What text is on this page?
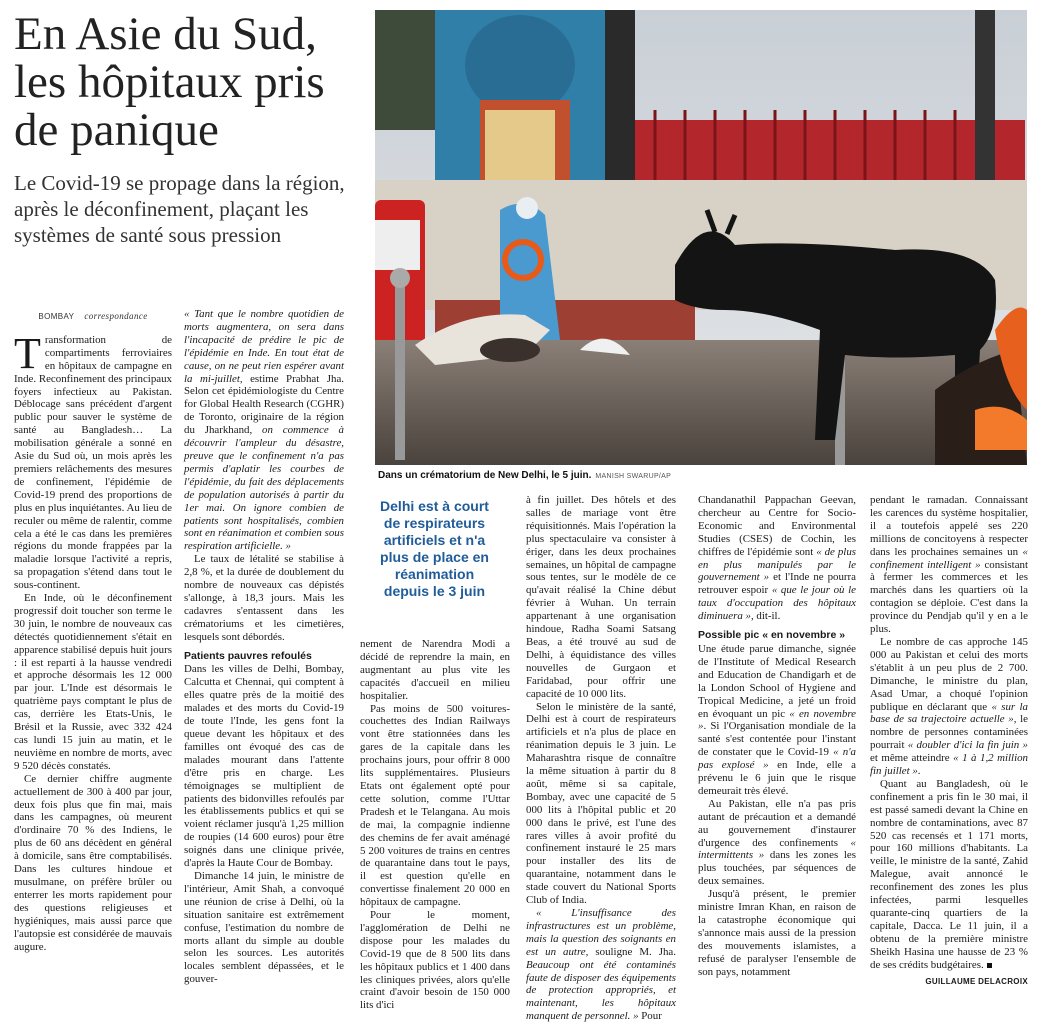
En Asie du Sud, les hôpitaux pris de panique

Le Covid-19 se propage dans la région, après le déconfinement, plaçant les systèmes de santé sous pression

Dans un crématorium de New Delhi, le 5 juin. MANISH SWARUP/AP
Delhi est à court de respirateurs artificiels et n'a plus de place en réanimation depuis le 3 juin
BOMBAY correspondance

Transformation de compartiments ferroviaires en hôpitaux de campagne en Inde. Reconfinement des principaux foyers infectieux au Pakistan. Déblocage sans précédent d'argent public pour sauver le système de santé au Bangladesh… La mobilisation générale a sonné en Asie du Sud où, un mois après les premiers relâchements des mesures de confinement, l'épidémie de Covid-19 prend des proportions de plus en plus inquiétantes. Au lieu de reculer ou même de ralentir, comme cela a été le cas dans les premières régions du monde frappées par la maladie lorsque l'activité a repris, sa propagation s'étend dans tout le sous-continent.

En Inde, où le déconfinement progressif doit toucher son terme le 30 juin, le nombre de nouveaux cas détectés quotidiennement s'était en apparence stabilisé depuis huit jours : il est reparti à la hausse vendredi et approche désormais les 12 000 par jour. L'Inde est désormais le quatrième pays comptant le plus de cas, derrière les Etats-Unis, le Brésil et la Russie, avec 332 424 cas lundi 15 juin au matin, et le neuvième en nombre de morts, avec 9 520 décès constatés.

Ce dernier chiffre augmente actuellement de 300 à 400 par jour, deux fois plus que fin mai, mais dans les campagnes, où meurent d'ordinaire 70 % des Indiens, le plus de 60 ans décèdent en général à domicile, sans être comptabilisés. Dans les cultures hindoue et musulmane, on préfère brûler ou enterrer les morts rapidement pour des questions religieuses et hygiéniques, mais aussi parce que l'autopsie est considérée de mauvais augure.

« Tant que le nombre quotidien de morts augmentera, on sera dans l'incapacité de prédire le pic de l'épidémie en Inde. En tout état de cause, on ne peut rien espérer avant la mi-juillet, estime Prabhat Jha. Selon cet épidémiologiste du Centre for Global Health Research (CGHR) de Toronto, originaire de la région du Jharkhand, on commence à découvrir l'ampleur du désastre, preuve que le confinement n'a pas permis d'aplatir les courbes de l'épidémie, du fait des déplacements de population autorisés à partir du 1er mai. On ignore combien de patients sont hospitalisés, combien sont en réanimation et combien sous respiration artificielle. »

Le taux de létalité se stabilise à 2,8 %, et la durée de doublement du nombre de nouveaux cas dépistés s'allonge, à 18,3 jours. Mais les cadavres s'entassent dans les crématoriums et les cimetières, lesquels sont débordés.

Patients pauvres refoulés

Dans les villes de Delhi, Bombay, Calcutta et Chennai, qui comptent à elles quatre près de la moitié des malades et des morts du Covid-19 de toute l'Inde, les gens font la queue devant les hôpitaux et des familles ont évoqué des cas de malades mourant dans l'attente d'être pris en charge. Les témoignages se multiplient de patients des bidonvilles refoulés par les établissements publics et qui se voient réclamer jusqu'à 1,25 million de roupies (14 600 euros) pour être soignés dans une clinique privée, d'après la Haute Cour de Bombay.

Dimanche 14 juin, le ministre de l'intérieur, Amit Shah, a convoqué une réunion de crise à Delhi, où la situation sanitaire est extrêmement confuse, l'estimation du nombre de morts allant du simple au double selon les sources. Les autorités locales semblent dépassées, et le gouver-

nement de Narendra Modi a décidé de reprendre la main, en augmentant au plus vite les capacités d'accueil en milieu hospitalier.

Pas moins de 500 voitures-couchettes des Indian Railways vont être stationnées dans les gares de la capitale dans les prochains jours, pour offrir 8 000 lits supplémentaires. Plusieurs Etats ont également opté pour cette solution, comme l'Uttar Pradesh et le Telangana. Au mois de mai, la compagnie indienne des chemins de fer avait aménagé 5 200 voitures de trains en centres de quarantaine dans tout le pays, il est question qu'elle en convertisse finalement 20 000 en hôpitaux de campagne.

Pour le moment, l'agglomération de Delhi ne dispose pour les malades du Covid-19 que de 8 500 lits dans les hôpitaux publics et 1 400 dans les cliniques privées, alors qu'elle craint d'avoir besoin de 150 000 lits d'ici

à fin juillet. Des hôtels et des salles de mariage vont être réquisitionnés. Mais l'opération la plus spectaculaire va consister à ériger, dans les deux prochaines semaines, un hôpital de campagne sous tentes, sur le modèle de ce qu'avait réalisé la Chine début février à Wuhan. Un terrain appartenant à une organisation hindoue, Radha Soami Satsang Beas, a été trouvé au sud de Delhi, à équidistance des villes nouvelles de Gurgaon et Faridabad, pour offrir une capacité de 10 000 lits.

Selon le ministère de la santé, Delhi est à court de respirateurs artificiels et n'a plus de place en réanimation depuis le 3 juin. Le Maharashtra risque de connaître la même situation à partir du 8 août, même si sa capitale, Bombay, avec une capacité de 5 000 lits à l'hôpital public et 20 000 dans le privé, est l'une des rares villes à avoir profité du confinement instauré le 25 mars pour installer des lits de quarantaine, notamment dans le stade couvert du National Sports Club of India.

« L'insuffisance des infrastructures est un problème, mais la question des soignants en est un autre, souligne M. Jha. Beaucoup ont été contaminés faute de disposer des équipements de protection appropriés, et maintenant, les hôpitaux manquent de personnel. » Pour

Chandanathil Pappachan Geevan, chercheur au Centre for Socio-Economic and Environmental Studies (CSES) de Cochin, les chiffres de l'épidémie sont « de plus en plus manipulés par le gouvernement » et l'Inde ne pourra retrouver espoir « que le jour où le taux d'occupation des hôpitaux diminuera », dit-il.

Possible pic « en novembre »

Une étude parue dimanche, signée de l'Institute of Medical Research and Education de Chandigarh et de la London School of Hygiene and Tropical Medicine, a jeté un froid en évoquant un pic « en novembre ». Si l'Organisation mondiale de la santé s'est contentée pour l'instant de constater que le Covid-19 « n'a pas explosé » en Inde, elle a prévenu le 6 juin que le risque demeurait très élevé.

Au Pakistan, elle n'a pas pris autant de précaution et a demandé au gouvernement d'instaurer d'urgence des confinements « intermittents » dans les zones les plus touchées, par séquences de deux semaines.

Jusqu'à présent, le premier ministre Imran Khan, en raison de la catastrophe économique qui s'annonce mais aussi de la pression des mouvements islamistes, a refusé de paralyser l'ensemble de son pays, notamment

pendant le ramadan. Connaissant les carences du système hospitalier, il a toutefois appelé ses 220 millions de concitoyens à respecter dans les prochaines semaines un « confinement intelligent » consistant à fermer les commerces et les marchés dans les quartiers où la contagion se déploie. C'est dans la province du Pendjab qu'il y en a le plus.

Le nombre de cas approche 145 000 au Pakistan et celui des morts s'établit à un peu plus de 2 700. Dimanche, le ministre du plan, Asad Umar, a choqué l'opinion publique en déclarant que « sur la base de sa trajectoire actuelle », le nombre de personnes contaminées pourrait « doubler d'ici la fin juin » et même atteindre « 1 à 1,2 million fin juillet ».

Quant au Bangladesh, où le confinement a pris fin le 30 mai, il est passé samedi devant la Chine en nombre de contaminations, avec 87 520 cas recensés et 1 171 morts, pour 160 millions d'habitants. La veille, le ministre de la santé, Zahid Malegue, avait annoncé le reconfinement des zones les plus infectées, parmi lesquelles quarante-cinq quartiers de la capitale, Dacca. Le 11 juin, il a obtenu de la première ministre Sheikh Hasina une hausse de 23 % de ses crédits budgétaires.

GUILLAUME DELACROIX
